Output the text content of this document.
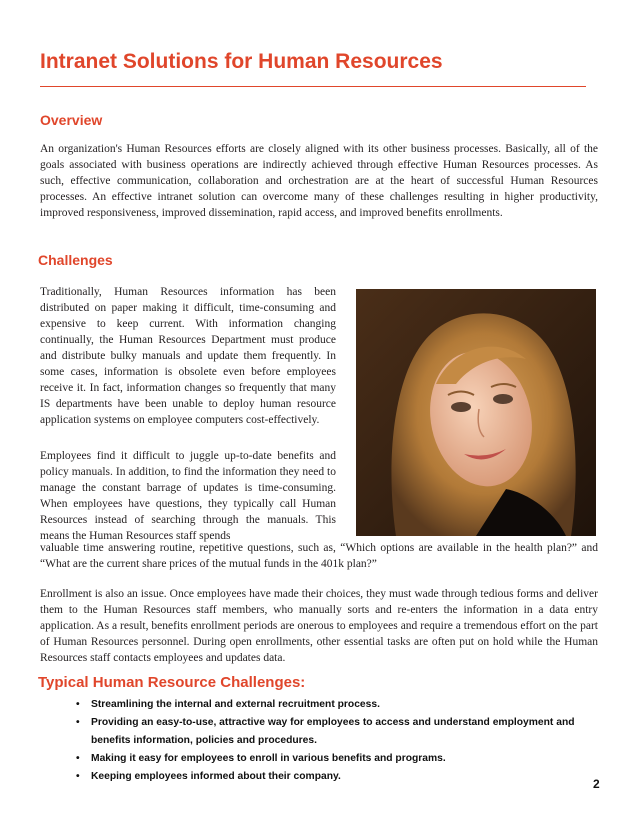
Intranet Solutions for Human Resources
Overview

An organization's Human Resources efforts are closely aligned with its other business processes. Basically, all of the goals associated with business operations are indirectly achieved through effective Human Resources processes. As such, effective communication, collaboration and orchestration are at the heart of successful Human Resources processes. An effective intranet solution can overcome many of these challenges resulting in higher productivity, improved responsiveness, improved dissemination, rapid access, and improved benefits enrollments.

Challenges

Traditionally, Human Resources information has been distributed on paper making it difficult, time-consuming and expensive to keep current. With information changing continually, the Human Resources Department must produce and distribute bulky manuals and update them frequently. In some cases, information is obsolete even before employees receive it. In fact, information changes so frequently that many IS departments have been unable to deploy human resource application systems on employee computers cost-effectively.

Employees find it difficult to juggle up-to-date benefits and policy manuals. In addition, to find the information they need to manage the constant barrage of updates is time-consuming. When employees have questions, they typically call Human Resources instead of searching through the manuals. This means the Human Resources staff spends

valuable time answering routine, repetitive questions, such as, “Which options are available in the health plan?” and “What are the current share prices of the mutual funds in the 401k plan?”

Enrollment is also an issue. Once employees have made their choices, they must wade through tedious forms and deliver them to the Human Resources staff members, who manually sorts and re-enters the information in a data entry application. As a result, benefits enrollment periods are onerous to employees and require a tremendous effort on the part of Human Resources personnel. During open enrollments, other essential tasks are often put on hold while the Human Resources staff contacts employees and updates data.

Typical Human Resource Challenges:
• Streamlining the internal and external recruitment process.
• Providing an easy-to-use, attractive way for employees to access and understand employment and benefits information, policies and procedures.
• Making it easy for employees to enroll in various benefits and programs.
• Keeping employees informed about their company.
2
